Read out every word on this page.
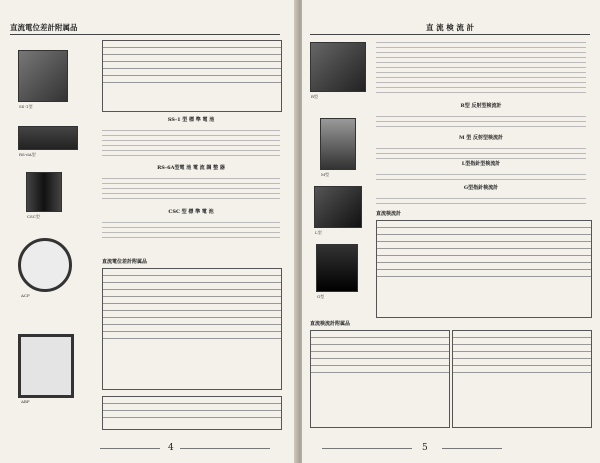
直流電位差計附属品
SS-1型
RS-6A型
CSC型
ACP
ABP
SS-1 型 標 準 電 池
RS-6A型電 池 電 流 調 整 器
CSC 型 標 準 電 池
直流電位差計附属品
4
直 流 検 流 計
R型
M型
L型
G型
R型 反射型検流計
M 型 反射型検流計
L型指針型検流計
G型指針検流計
直流検流計
直流検流計附属品
5
